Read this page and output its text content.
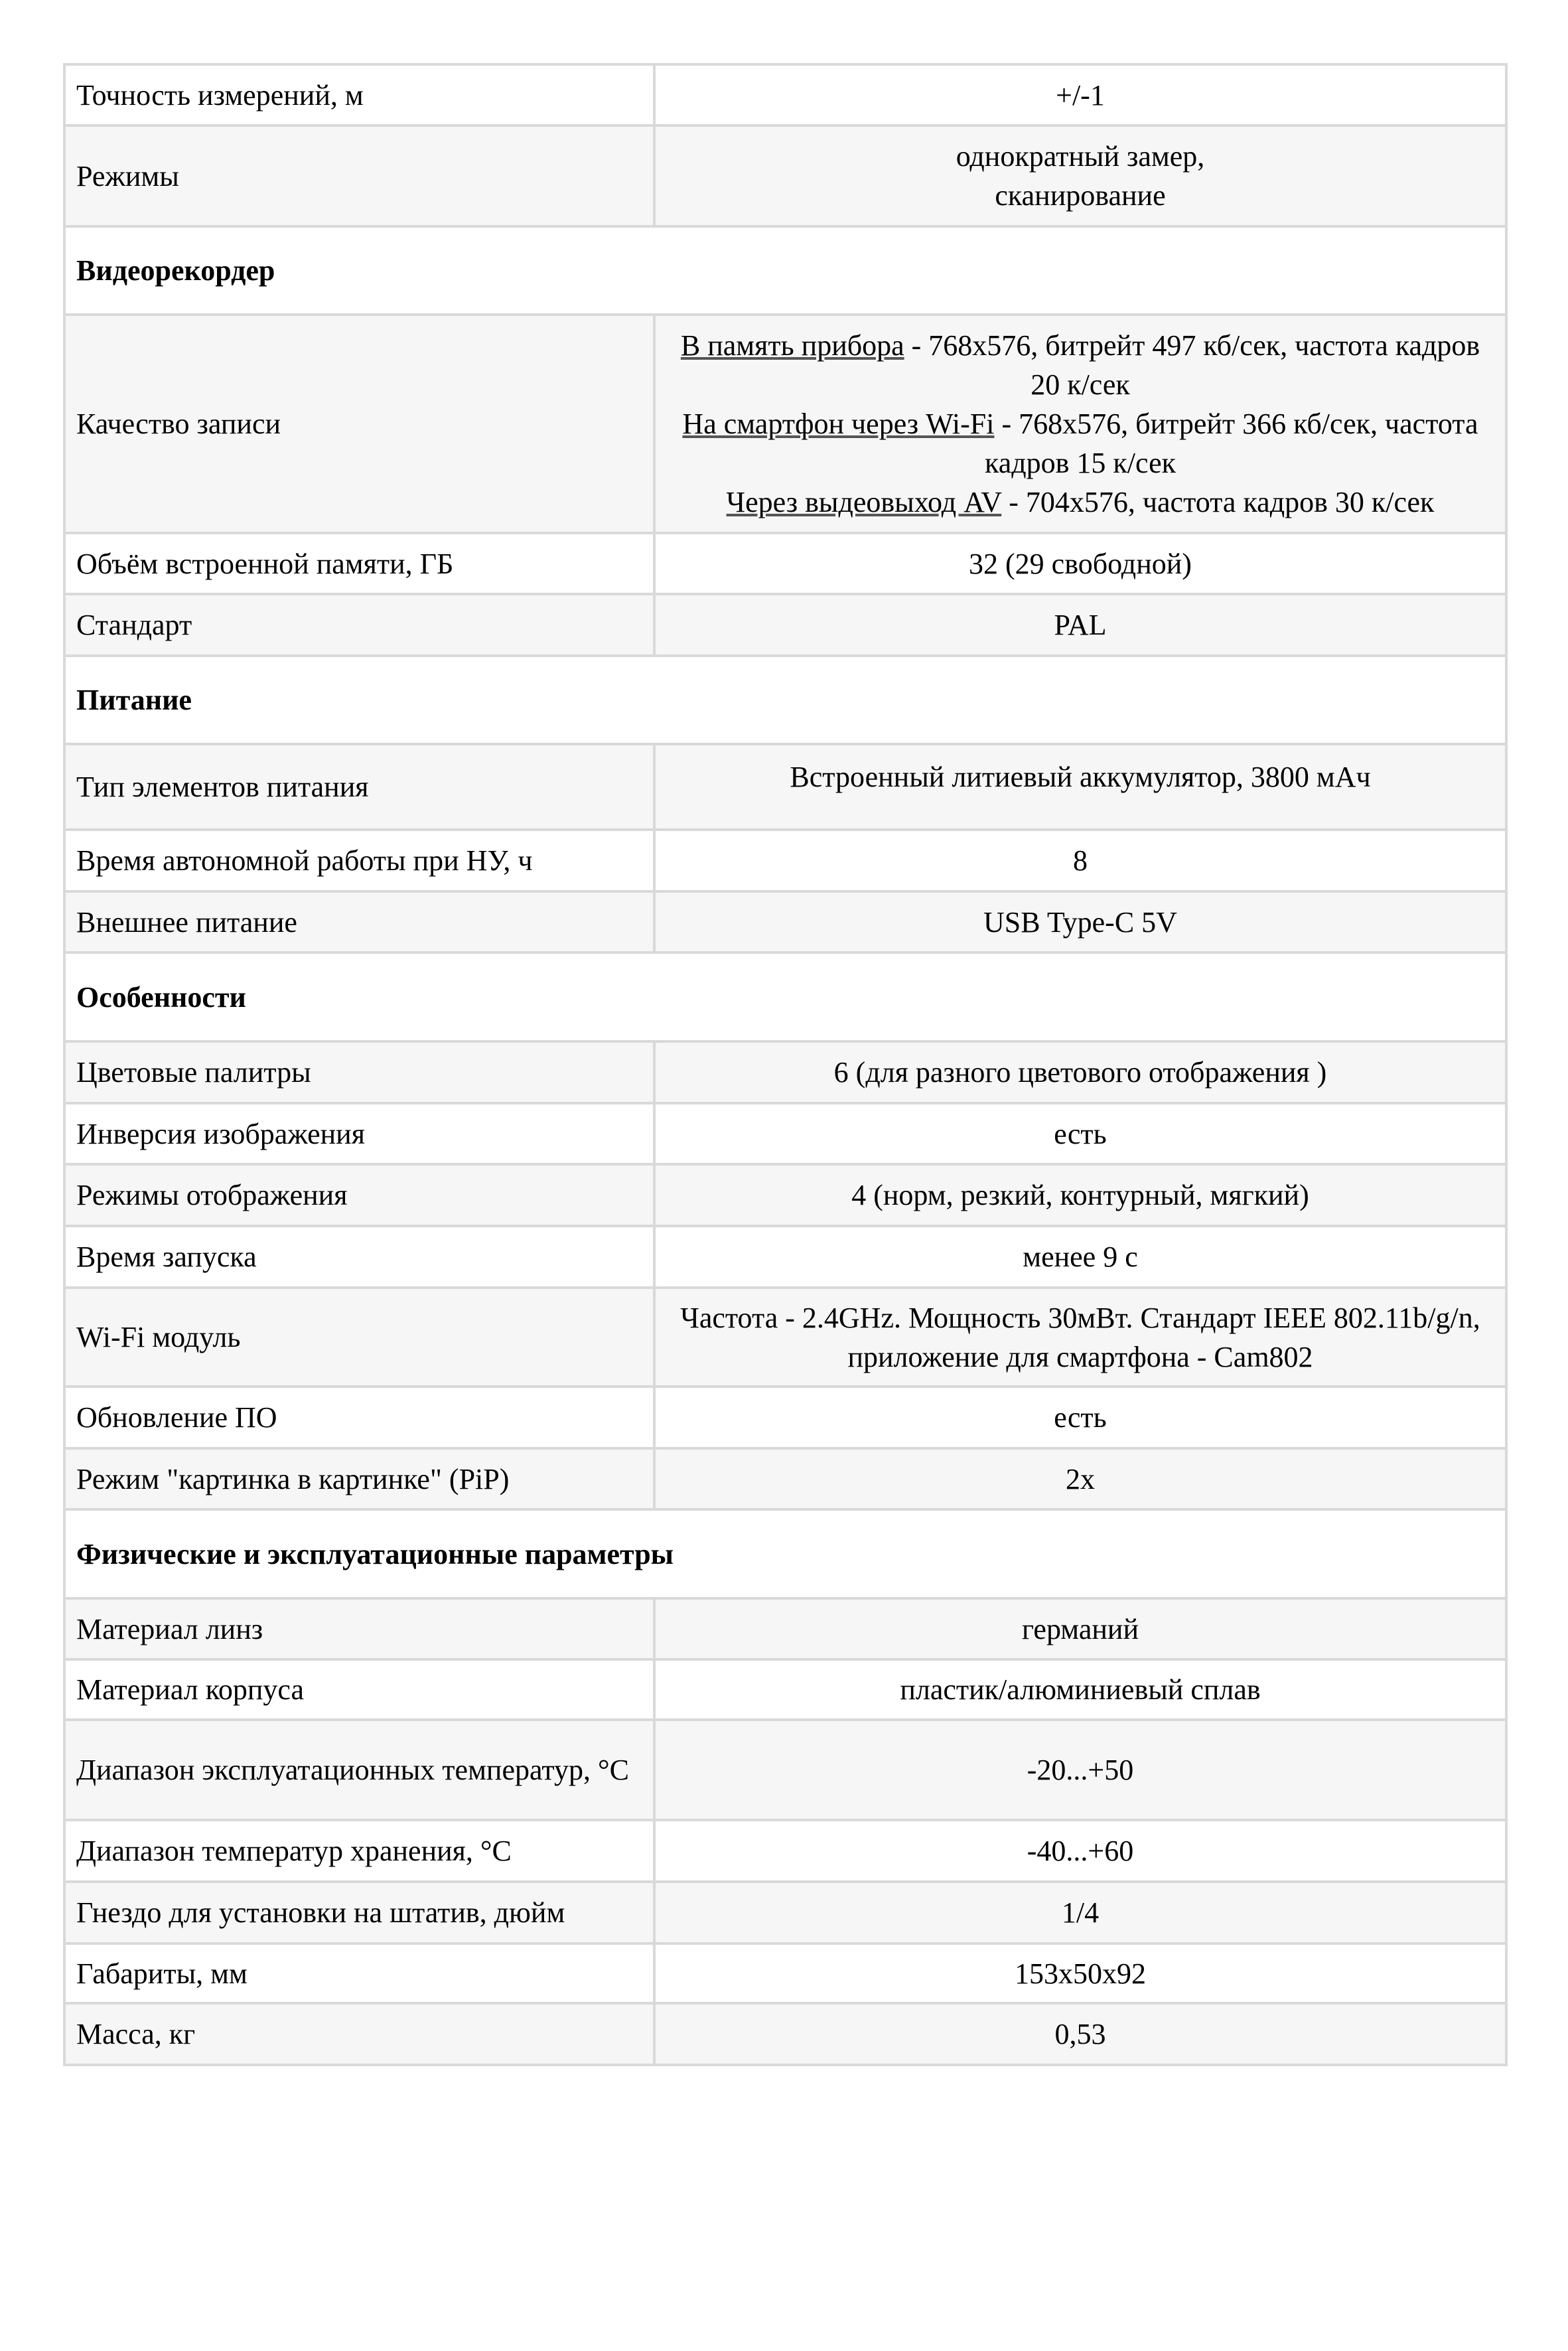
Точность измерений, м	+/-1
Режимы	однократный замер,
сканирование

Видеорекордер	
Качество записи	В память прибора - 768x576, битрейт 497 кб/сек, частота кадров 20 к/сек
На смартфон через Wi-Fi - 768x576, битрейт 366 кб/сек, частота кадров 15 к/сек
Через выдеовыход AV - 704x576, частота кадров 30 к/сек

Объём встроенной памяти, ГБ	32 (29 свободной)
Стандарт	PAL
Питание	
Тип элементов питания	Встроенный литиевый аккумулятор, 3800 мАч
Время автономной работы при НУ, ч	8
Внешнее питание	USB Type-C 5V
Особенности	
Цветовые палитры	6 (для разного цветового отображения )
Инверсия изображения	есть
Режимы отображения	4 (норм, резкий, контурный, мягкий)
Время запуска	менее 9 с
Wi-Fi модуль	Частота - 2.4GHz. Мощность 30мВт. Стандарт IEEE 802.11b/g/n, приложение для смартфона - Cam802
Обновление ПО	есть
Режим "картинка в картинке" (PiP)	2x
Физические и эксплуатационные параметры	
Материал линз	германий
Материал корпуса	пластик/алюминиевый сплав
Диапазон эксплуатационных температур, °C	-20...+50
Диапазон температур хранения, °C	-40...+60
Гнездо для установки на штатив, дюйм	1/4
Габариты, мм	153x50x92
Масса, кг	0,53
